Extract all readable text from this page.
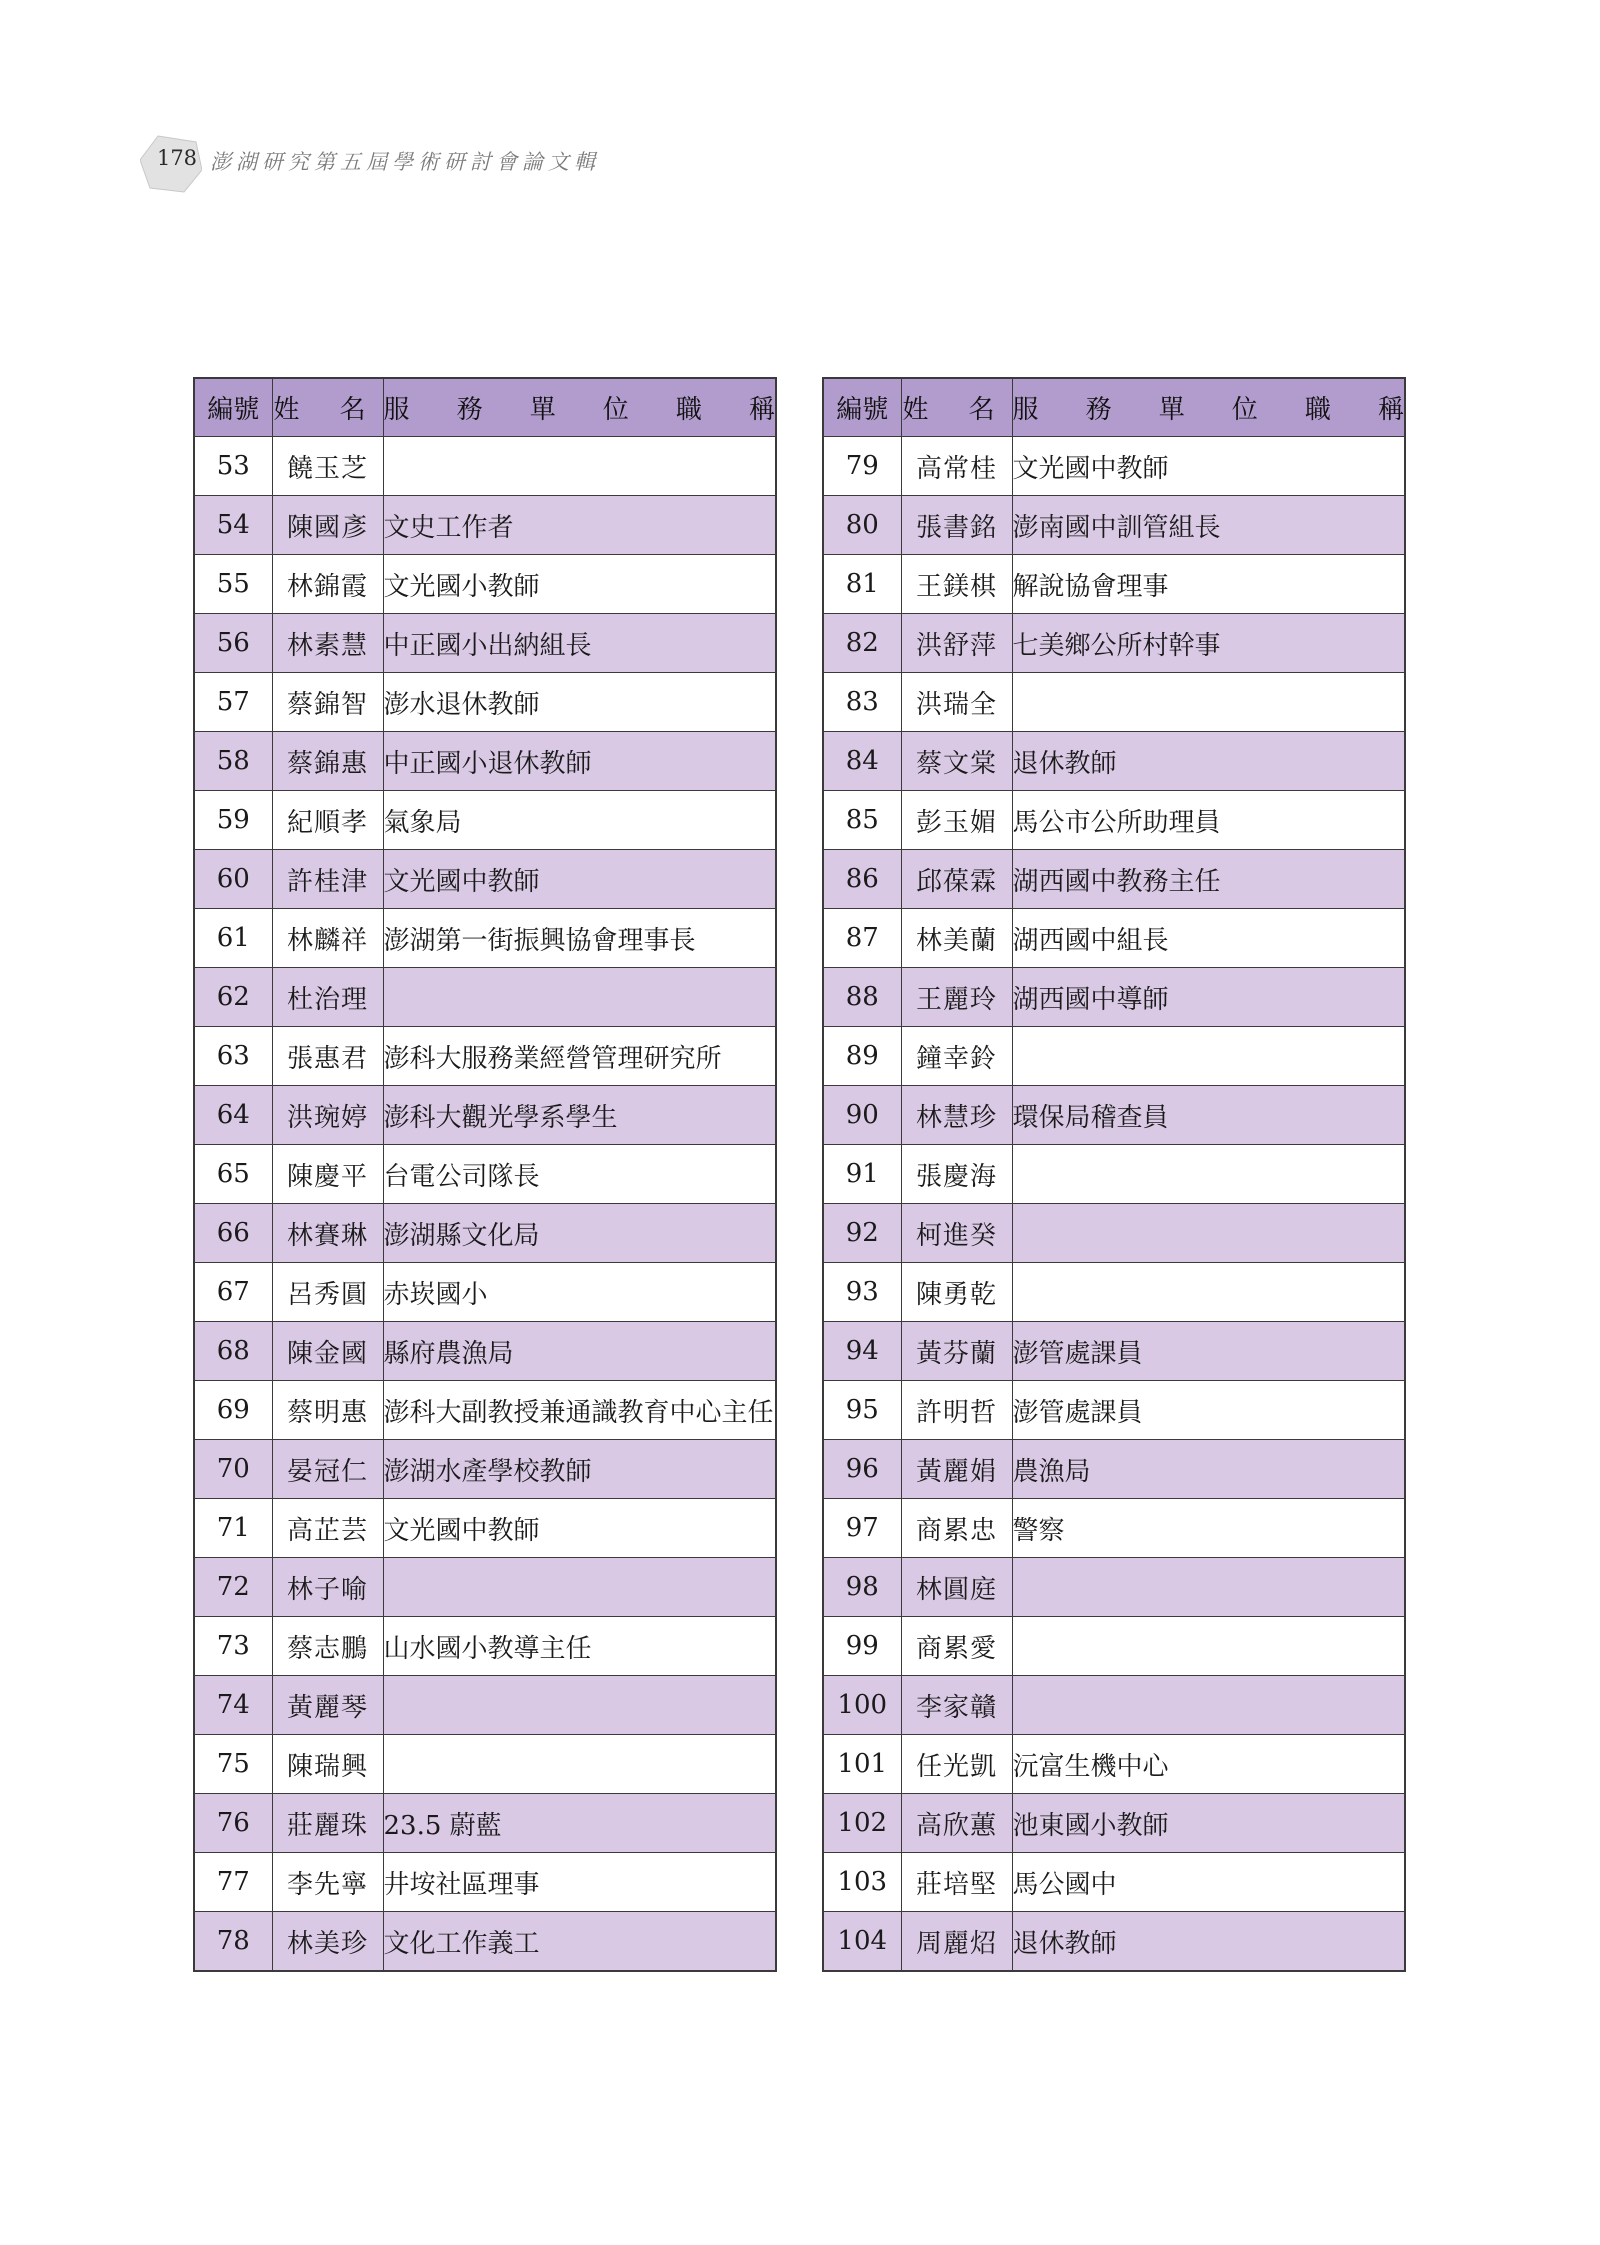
178 澎湖研究第五屆學術研討會論文輯
編號	姓 名	服 務 單 位 職 稱
53	饒玉芝	
54	陳國彥	文史工作者
55	林錦霞	文光國小教師
56	林素慧	中正國小出納組長
57	蔡錦智	澎水退休教師
58	蔡錦惠	中正國小退休教師
59	紀順孝	氣象局
60	許桂津	文光國中教師
61	林麟祥	澎湖第一街振興協會理事長
62	杜治理	
63	張惠君	澎科大服務業經營管理研究所
64	洪琬婷	澎科大觀光學系學生
65	陳慶平	台電公司隊長
66	林賽琳	澎湖縣文化局
67	呂秀圓	赤崁國小
68	陳金國	縣府農漁局
69	蔡明惠	澎科大副教授兼通識教育中心主任
70	晏冠仁	澎湖水產學校教師
71	高芷芸	文光國中教師
72	林子喻	
73	蔡志鵬	山水國小教導主任
74	黃麗琴	
75	陳瑞興	
76	莊麗珠	23.5 蔚藍
77	李先寧	井垵社區理事
78	林美珍	文化工作義工
編號	姓 名	服 務 單 位 職 稱
79	高常桂	文光國中教師
80	張書銘	澎南國中訓管組長
81	王鎂棋	解說協會理事
82	洪舒萍	七美鄉公所村幹事
83	洪瑞全	
84	蔡文棠	退休教師
85	彭玉媚	馬公市公所助理員
86	邱葆霖	湖西國中教務主任
87	林美蘭	湖西國中組長
88	王麗玲	湖西國中導師
89	鐘幸鈴	
90	林慧珍	環保局稽查員
91	張慶海	
92	柯進癸	
93	陳勇乾	
94	黃芬蘭	澎管處課員
95	許明哲	澎管處課員
96	黃麗娟	農漁局
97	商累忠	警察
98	林圓庭	
99	商累愛	
100	李家贛	
101	任光凱	沅富生機中心
102	高欣蕙	池東國小教師
103	莊培堅	馬公國中
104	周麗炤	退休教師
